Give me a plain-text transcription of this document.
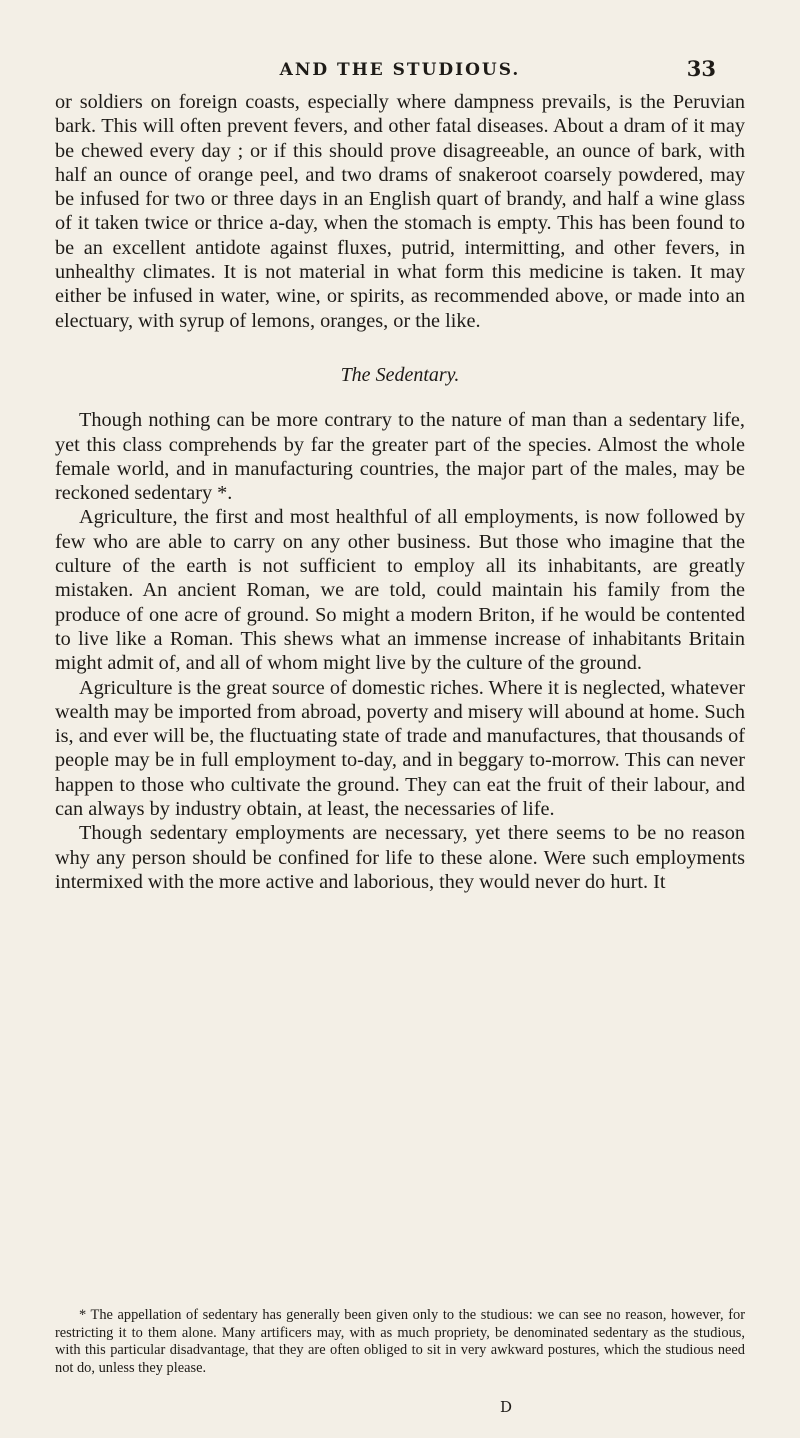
AND THE STUDIOUS.	33

or soldiers on foreign coasts, especially where dampness prevails, is the Peruvian bark. This will often prevent fevers, and other fatal diseases. About a dram of it may be chewed every day ; or if this should prove disagreeable, an ounce of bark, with half an ounce of orange peel, and two drams of snakeroot coarsely powdered, may be infused for two or three days in an English quart of brandy, and half a wine glass of it taken twice or thrice a-day, when the stomach is empty. This has been found to be an excellent antidote against fluxes, putrid, intermitting, and other fevers, in unhealthy climates. It is not material in what form this medicine is taken. It may either be infused in water, wine, or spirits, as recommended above, or made into an electuary, with syrup of lemons, oranges, or the like.

The Sedentary.

Though nothing can be more contrary to the nature of man than a sedentary life, yet this class comprehends by far the greater part of the species. Almost the whole female world, and in manufacturing countries, the major part of the males, may be reckoned sedentary *.

Agriculture, the first and most healthful of all employments, is now followed by few who are able to carry on any other business. But those who imagine that the culture of the earth is not sufficient to employ all its inhabitants, are greatly mistaken. An ancient Roman, we are told, could maintain his family from the produce of one acre of ground. So might a modern Briton, if he would be contented to live like a Roman. This shews what an immense increase of inhabitants Britain might admit of, and all of whom might live by the culture of the ground.

Agriculture is the great source of domestic riches. Where it is neglected, whatever wealth may be imported from abroad, poverty and misery will abound at home. Such is, and ever will be, the fluctuating state of trade and manufactures, that thousands of people may be in full employment to-day, and in beggary to-morrow. This can never happen to those who cultivate the ground. They can eat the fruit of their labour, and can always by industry obtain, at least, the necessaries of life.

Though sedentary employments are necessary, yet there seems to be no reason why any person should be confined for life to these alone. Were such employments intermixed with the more active and laborious, they would never do hurt. It

* The appellation of sedentary has generally been given only to the studious: we can see no reason, however, for restricting it to them alone. Many artificers may, with as much propriety, be denominated sedentary as the studious, with this particular disadvantage, that they are often obliged to sit in very awkward postures, which the studious need not do, unless they please.
D
